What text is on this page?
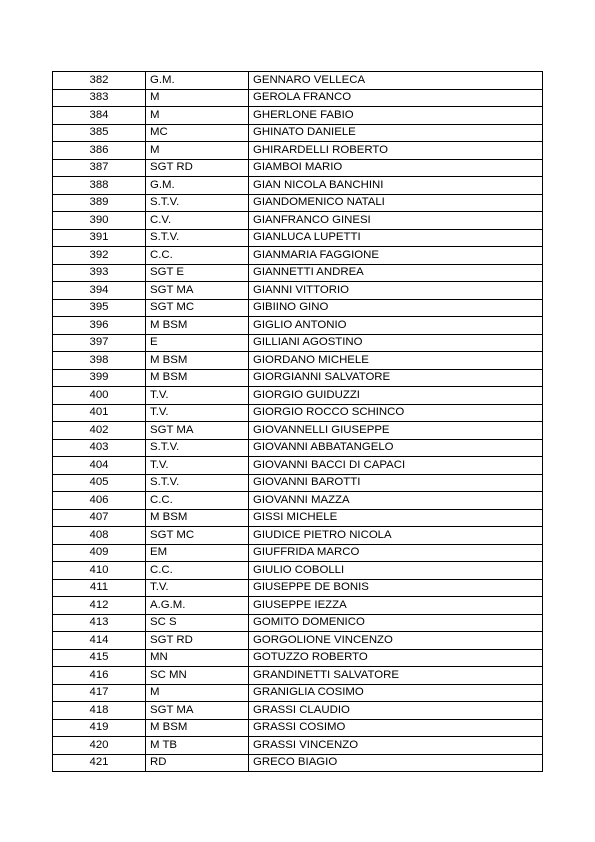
382	G.M.	GENNARO VELLECA
383	M	GEROLA FRANCO
384	M	GHERLONE FABIO
385	MC	GHINATO DANIELE
386	M	GHIRARDELLI ROBERTO
387	SGT RD	GIAMBOI MARIO
388	G.M.	GIAN NICOLA BANCHINI
389	S.T.V.	GIANDOMENICO NATALI
390	C.V.	GIANFRANCO GINESI
391	S.T.V.	GIANLUCA LUPETTI
392	C.C.	GIANMARIA FAGGIONE
393	SGT E	GIANNETTI ANDREA
394	SGT MA	GIANNI VITTORIO
395	SGT MC	GIBIINO GINO
396	M BSM	GIGLIO ANTONIO
397	E	GILLIANI AGOSTINO
398	M BSM	GIORDANO MICHELE
399	M BSM	GIORGIANNI SALVATORE
400	T.V.	GIORGIO GUIDUZZI
401	T.V.	GIORGIO ROCCO SCHINCO
402	SGT MA	GIOVANNELLI GIUSEPPE
403	S.T.V.	GIOVANNI ABBATANGELO
404	T.V.	GIOVANNI BACCI DI CAPACI
405	S.T.V.	GIOVANNI BAROTTI
406	C.C.	GIOVANNI MAZZA
407	M BSM	GISSI MICHELE
408	SGT MC	GIUDICE PIETRO NICOLA
409	EM	GIUFFRIDA MARCO
410	C.C.	GIULIO COBOLLI
411	T.V.	GIUSEPPE DE BONIS
412	A.G.M.	GIUSEPPE IEZZA
413	SC S	GOMITO DOMENICO
414	SGT RD	GORGOLIONE VINCENZO
415	MN	GOTUZZO ROBERTO
416	SC MN	GRANDINETTI SALVATORE
417	M	GRANIGLIA COSIMO
418	SGT MA	GRASSI CLAUDIO
419	M BSM	GRASSI COSIMO
420	M TB	GRASSI VINCENZO
421	RD	GRECO BIAGIO
